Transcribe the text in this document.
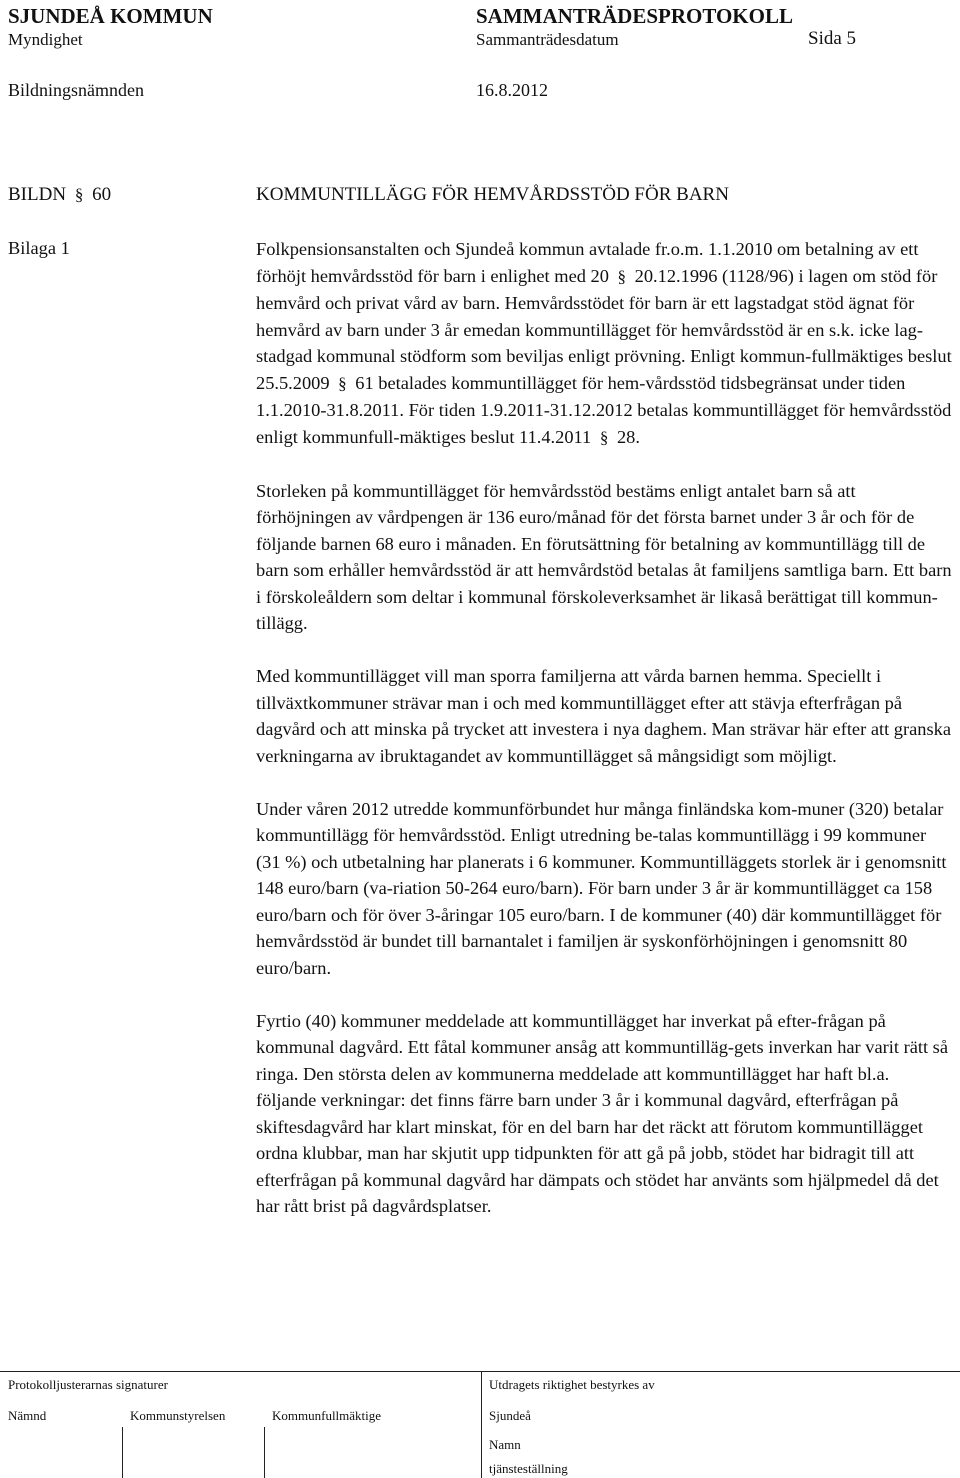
SJUNDEÅ KOMMUN	SAMMANTRÄDESPROTOKOLL
Myndighet	Sammanträdesdatum	Sida 5
Bildningsnämnden	16.8.2012
BILDN § 60	KOMMUNTILLÄGG FÖR HEMVÅRDSSTÖD FÖR BARN
Bilaga 1	Folkpensionsanstalten och Sjundeå kommun avtalade fr.o.m. 1.1.2010 om betalning av ett förhöjt hemvårdsstöd för barn i enlighet med 20 § 20.12.1996 (1128/96) i lagen om stöd för hemvård och privat vård av barn. Hemvårdsstödet för barn är ett lagstadgat stöd ägnat för hemvård av barn under 3 år emedan kommuntillägget för hemvårdsstöd är en s.k. icke lag-stadgad kommunal stödform som beviljas enligt prövning. Enligt kommun-fullmäktiges beslut 25.5.2009 § 61 betalades kommuntillägget för hem-vårdsstöd tidsbegränsat under tiden 1.1.2010-31.8.2011. För tiden 1.9.2011-31.12.2012 betalas kommuntillägget för hemvårdsstöd enligt kommunfull-mäktiges beslut 11.4.2011 § 28.

Storleken på kommuntillägget för hemvårdsstöd bestäms enligt antalet barn så att förhöjningen av vårdpengen är 136 euro/månad för det första barnet under 3 år och för de följande barnen 68 euro i månaden. En förutsättning för betalning av kommuntillägg till de barn som erhåller hemvårdsstöd är att hemvårdstöd betalas åt familjens samtliga barn. Ett barn i förskoleåldern som deltar i kommunal förskoleverksamhet är likaså berättigat till kommun-tillägg.

Med kommuntillägget vill man sporra familjerna att vårda barnen hemma. Speciellt i tillväxtkommuner strävar man i och med kommuntillägget efter att stävja efterfrågan på dagvård och att minska på trycket att investera i nya daghem. Man strävar här efter att granska verkningarna av ibruktagandet av kommuntillägget så mångsidigt som möjligt.

Under våren 2012 utredde kommunförbundet hur många finländska kom-muner (320) betalar kommuntillägg för hemvårdsstöd. Enligt utredning be-talas kommuntillägg i 99 kommuner (31 %) och utbetalning har planerats i 6 kommuner. Kommuntilläggets storlek är i genomsnitt 148 euro/barn (va-riation 50-264 euro/barn). För barn under 3 år är kommuntillägget ca 158 euro/barn och för över 3-åringar 105 euro/barn. I de kommuner (40) där kommuntillägget för hemvårdsstöd är bundet till barnantalet i familjen är syskonförhöjningen i genomsnitt 80 euro/barn.

Fyrtio (40) kommuner meddelade att kommuntillägget har inverkat på efter-frågan på kommunal dagvård. Ett fåtal kommuner ansåg att kommuntilläg-gets inverkan har varit rätt så ringa. Den största delen av kommunerna meddelade att kommuntillägget har haft bl.a. följande verkningar: det finns färre barn under 3 år i kommunal dagvård, efterfrågan på skiftesdagvård har klart minskat, för en del barn har det räckt att förutom kommuntillägget ordna klubbar, man har skjutit upp tidpunkten för att gå på jobb, stödet har bidragit till att efterfrågan på kommunal dagvård har dämpats och stödet har använts som hjälpmedel då det har rått brist på dagvårdsplatser.

Protokolljusterarnas signaturer	Utdragets riktighet bestyrkes av
Nämnd	Kommunstyrelsen	Kommunfullmäktige	Sjundeå
Namn
tjänsteställning
